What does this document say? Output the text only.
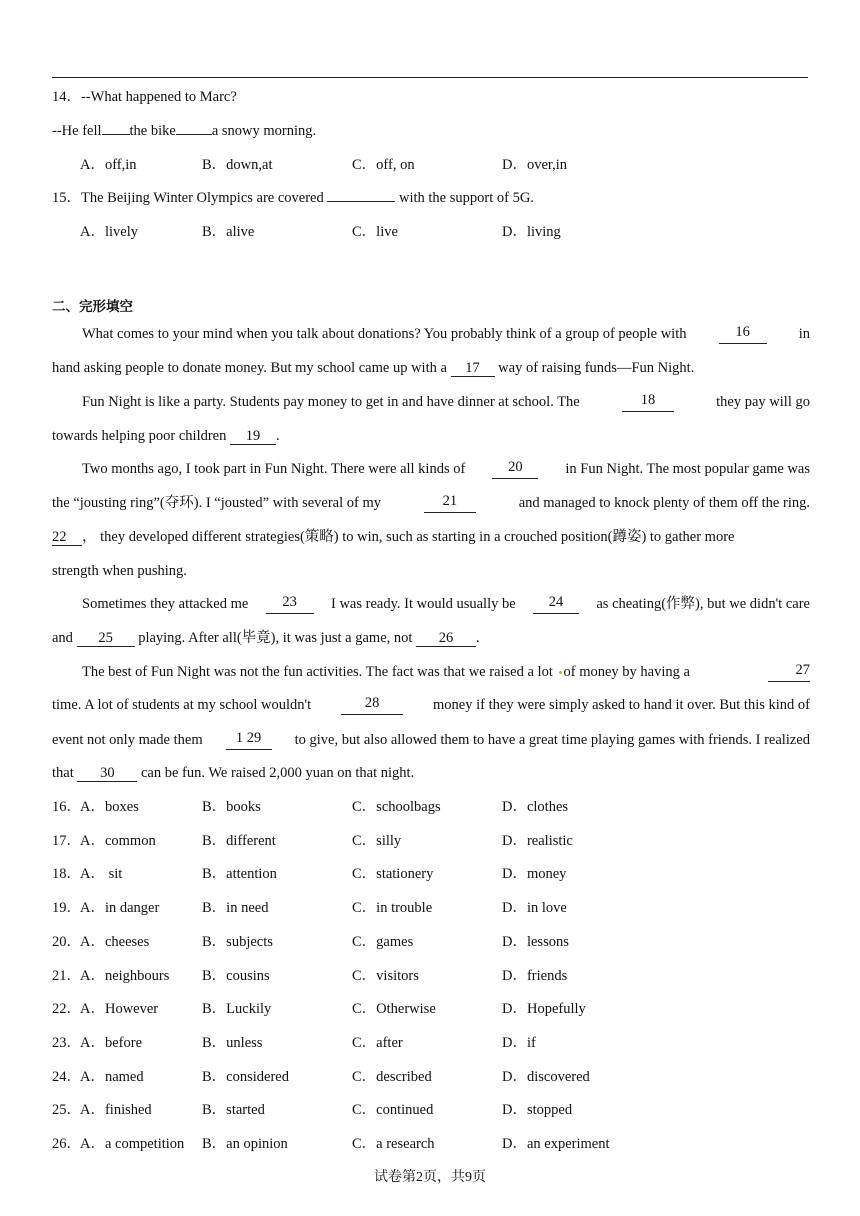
14．--What happened to Marc?
--He fell the bike a snowy morning.
A．off,in	B．down,at	C．off, on	D．over,in
15．The Beijing Winter Olympics are covered	with the support of 5G.
A．lively	B．alive	C．live	D．living
二、完形填空
What comes to your mind when you talk about donations? You probably think of a group of people with	16	in
hand asking people to donate money. But my school came up with a 17 way of raising funds—Fun Night.
Fun Night is like a party. Students pay money to get in and have dinner at school. The	18	they pay will go
towards helping poor children 19 .
Two months ago, I took part in Fun Night. There were all kinds of	20	in Fun Night. The most popular game was
the “jousting ring”(夺环). I “jousted” with several of my	21	and managed to knock plenty of them off the ring.
22 ， they developed different strategies(策略) to win, such as starting in a crouched position(蹲姿) to gather more
strength when pushing.
Sometimes they attacked me	23	I was ready. It would usually be	24	as cheating(作弊), but we didn't care
and 25 playing. After all(毕竟), it was just a game, not 26 .
The best of Fun Night was not the fun activities. The fact was that we raised a lot of money by having a	27
time. A lot of students at my school wouldn't	28	money if they were simply asked to hand it over. But this kind of
event not only made them	1 29	to give, but also allowed them to have a great time playing games with friends. I realized
that 30 can be fun. We raised 2,000 yuan on that night.
16． A．boxes	B．books	C．schoolbags	D．clothes
17． A．common	B．different	C．silly	D．realistic
18． A． sit	B．attention	C．stationery	D．money
19． A．in danger	B．in need	C．in trouble	D．in love
20． A．cheeses	B．subjects	C．games	D．lessons
21． A．neighbours B．cousins	C．visitors	D．friends
22． A．However	B．Luckily	C．Otherwise	D．Hopefully
23． A．before	B．unless	C．after	D．if
24． A．named	B．considered	C．described	D．discovered
25． A．finished	B．started	C．continued	D．stopped
26． A．a competition B．an opinion	C．a research	D．an experiment
试卷第2页，共9页
